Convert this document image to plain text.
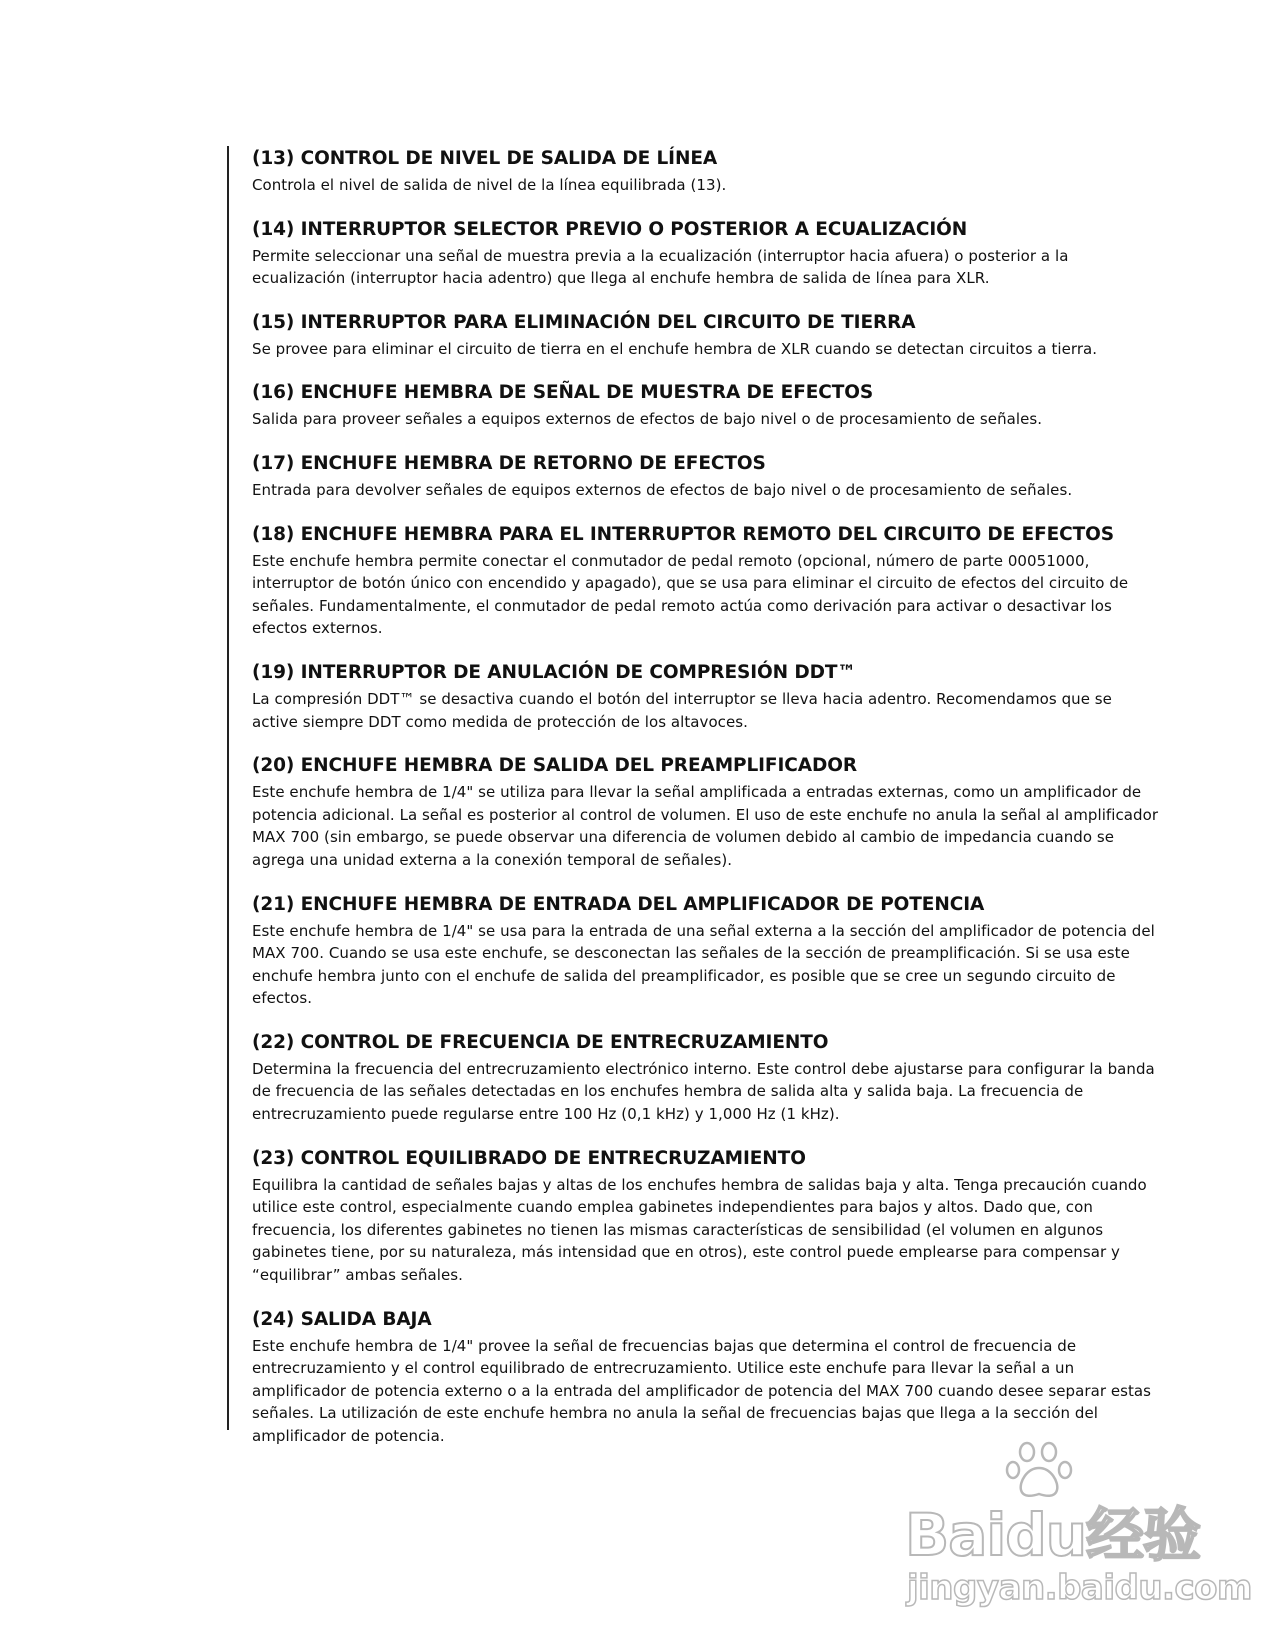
(13) CONTROL DE NIVEL DE SALIDA DE LÍNEA

Controla el nivel de salida de nivel de la línea equilibrada (13).

(14) INTERRUPTOR SELECTOR PREVIO O POSTERIOR A ECUALIZACIÓN

Permite seleccionar una señal de muestra previa a la ecualización (interruptor hacia afuera) o posterior a la ecualización (interruptor hacia adentro) que llega al enchufe hembra de salida de línea para XLR.

(15) INTERRUPTOR PARA ELIMINACIÓN DEL CIRCUITO DE TIERRA

Se provee para eliminar el circuito de tierra en el enchufe hembra de XLR cuando se detectan circuitos a tierra.

(16) ENCHUFE HEMBRA DE SEÑAL DE MUESTRA DE EFECTOS

Salida para proveer señales a equipos externos de efectos de bajo nivel o de procesamiento de señales.

(17) ENCHUFE HEMBRA DE RETORNO DE EFECTOS

Entrada para devolver señales de equipos externos de efectos de bajo nivel o de procesamiento de señales.

(18) ENCHUFE HEMBRA PARA EL INTERRUPTOR REMOTO DEL CIRCUITO DE EFECTOS

Este enchufe hembra permite conectar el conmutador de pedal remoto (opcional, número de parte 00051000, interruptor de botón único con encendido y apagado), que se usa para eliminar el circuito de efectos del circuito de señales. Fundamentalmente, el conmutador de pedal remoto actúa como derivación para activar o desactivar los efectos externos.

(19) INTERRUPTOR DE ANULACIÓN DE COMPRESIÓN DDT™

La compresión DDT™ se desactiva cuando el botón del interruptor se lleva hacia adentro. Recomendamos que se active siempre DDT como medida de protección de los altavoces.

(20) ENCHUFE HEMBRA DE SALIDA DEL PREAMPLIFICADOR

Este enchufe hembra de 1/4" se utiliza para llevar la señal amplificada a entradas externas, como un amplificador de potencia adicional. La señal es posterior al control de volumen. El uso de este enchufe no anula la señal al amplificador MAX 700 (sin embargo, se puede observar una diferencia de volumen debido al cambio de impedancia cuando se agrega una unidad externa a la conexión temporal de señales).

(21) ENCHUFE HEMBRA DE ENTRADA DEL AMPLIFICADOR DE POTENCIA

Este enchufe hembra de 1/4" se usa para la entrada de una señal externa a la sección del amplificador de potencia del MAX 700. Cuando se usa este enchufe, se desconectan las señales de la sección de preamplificación. Si se usa este enchufe hembra junto con el enchufe de salida del preamplificador, es posible que se cree un segundo circuito de efectos.

(22) CONTROL DE FRECUENCIA DE ENTRECRUZAMIENTO

Determina la frecuencia del entrecruzamiento electrónico interno. Este control debe ajustarse para configurar la banda de frecuencia de las señales detectadas en los enchufes hembra de salida alta y salida baja. La frecuencia de entrecruzamiento puede regularse entre 100 Hz (0,1 kHz) y 1,000 Hz (1 kHz).

(23) CONTROL EQUILIBRADO DE ENTRECRUZAMIENTO

Equilibra la cantidad de señales bajas y altas de los enchufes hembra de salidas baja y alta. Tenga precaución cuando utilice este control, especialmente cuando emplea gabinetes independientes para bajos y altos. Dado que, con frecuencia, los diferentes gabinetes no tienen las mismas características de sensibilidad (el volumen en algunos gabinetes tiene, por su naturaleza, más intensidad que en otros), este control puede emplearse para compensar y “equilibrar” ambas señales.

(24) SALIDA BAJA

Este enchufe hembra de 1/4" provee la señal de frecuencias bajas que determina el control de frecuencia de entrecruzamiento y el control equilibrado de entrecruzamiento. Utilice este enchufe para llevar la señal a un amplificador de potencia externo o a la entrada del amplificador de potencia del MAX 700 cuando desee separar estas señales. La utilización de este enchufe hembra no anula la señal de frecuencias bajas que llega a la sección del amplificador de potencia.

Baidu经验
jingyan.baidu.com
